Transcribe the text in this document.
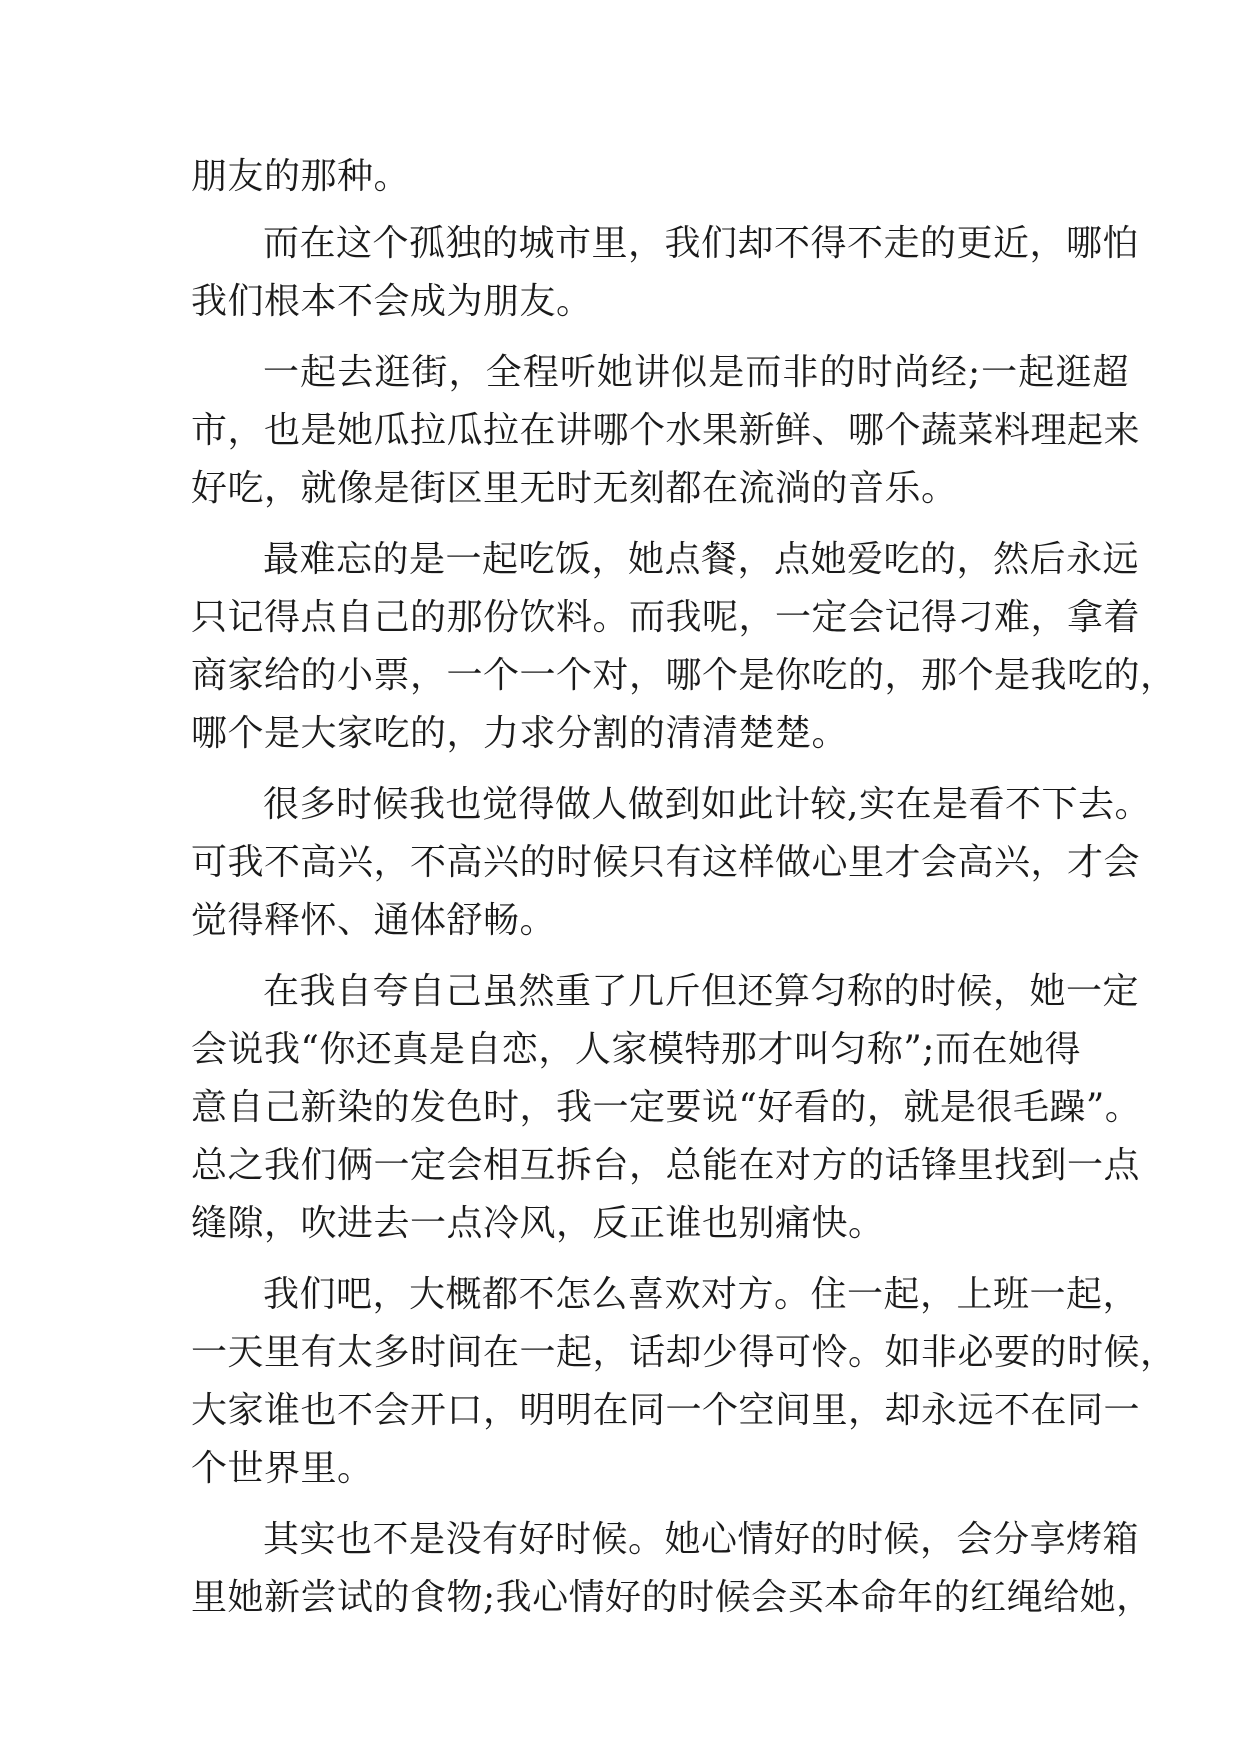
朋友的那种。
而在这个孤独的城市里，我们却不得不走的更近，哪怕
我们根本不会成为朋友。
一起去逛街，全程听她讲似是而非的时尚经;一起逛超
市，也是她瓜拉瓜拉在讲哪个水果新鲜、哪个蔬菜料理起来
好吃，就像是街区里无时无刻都在流淌的音乐。
最难忘的是一起吃饭，她点餐，点她爱吃的，然后永远
只记得点自己的那份饮料。而我呢，一定会记得刁难，拿着
商家给的小票，一个一个对，哪个是你吃的，那个是我吃的，
哪个是大家吃的，力求分割的清清楚楚。
很多时候我也觉得做人做到如此计较,实在是看不下去。
可我不高兴，不高兴的时候只有这样做心里才会高兴，才会
觉得释怀、通体舒畅。
在我自夸自己虽然重了几斤但还算匀称的时候，她一定
会说我“你还真是自恋，人家模特那才叫匀称”;而在她得
意自己新染的发色时，我一定要说“好看的，就是很毛躁”。
总之我们俩一定会相互拆台，总能在对方的话锋里找到一点
缝隙，吹进去一点冷风，反正谁也别痛快。
我们吧，大概都不怎么喜欢对方。住一起，上班一起，
一天里有太多时间在一起，话却少得可怜。如非必要的时候，
大家谁也不会开口，明明在同一个空间里，却永远不在同一
个世界里。
其实也不是没有好时候。她心情好的时候，会分享烤箱
里她新尝试的食物;我心情好的时候会买本命年的红绳给她，
